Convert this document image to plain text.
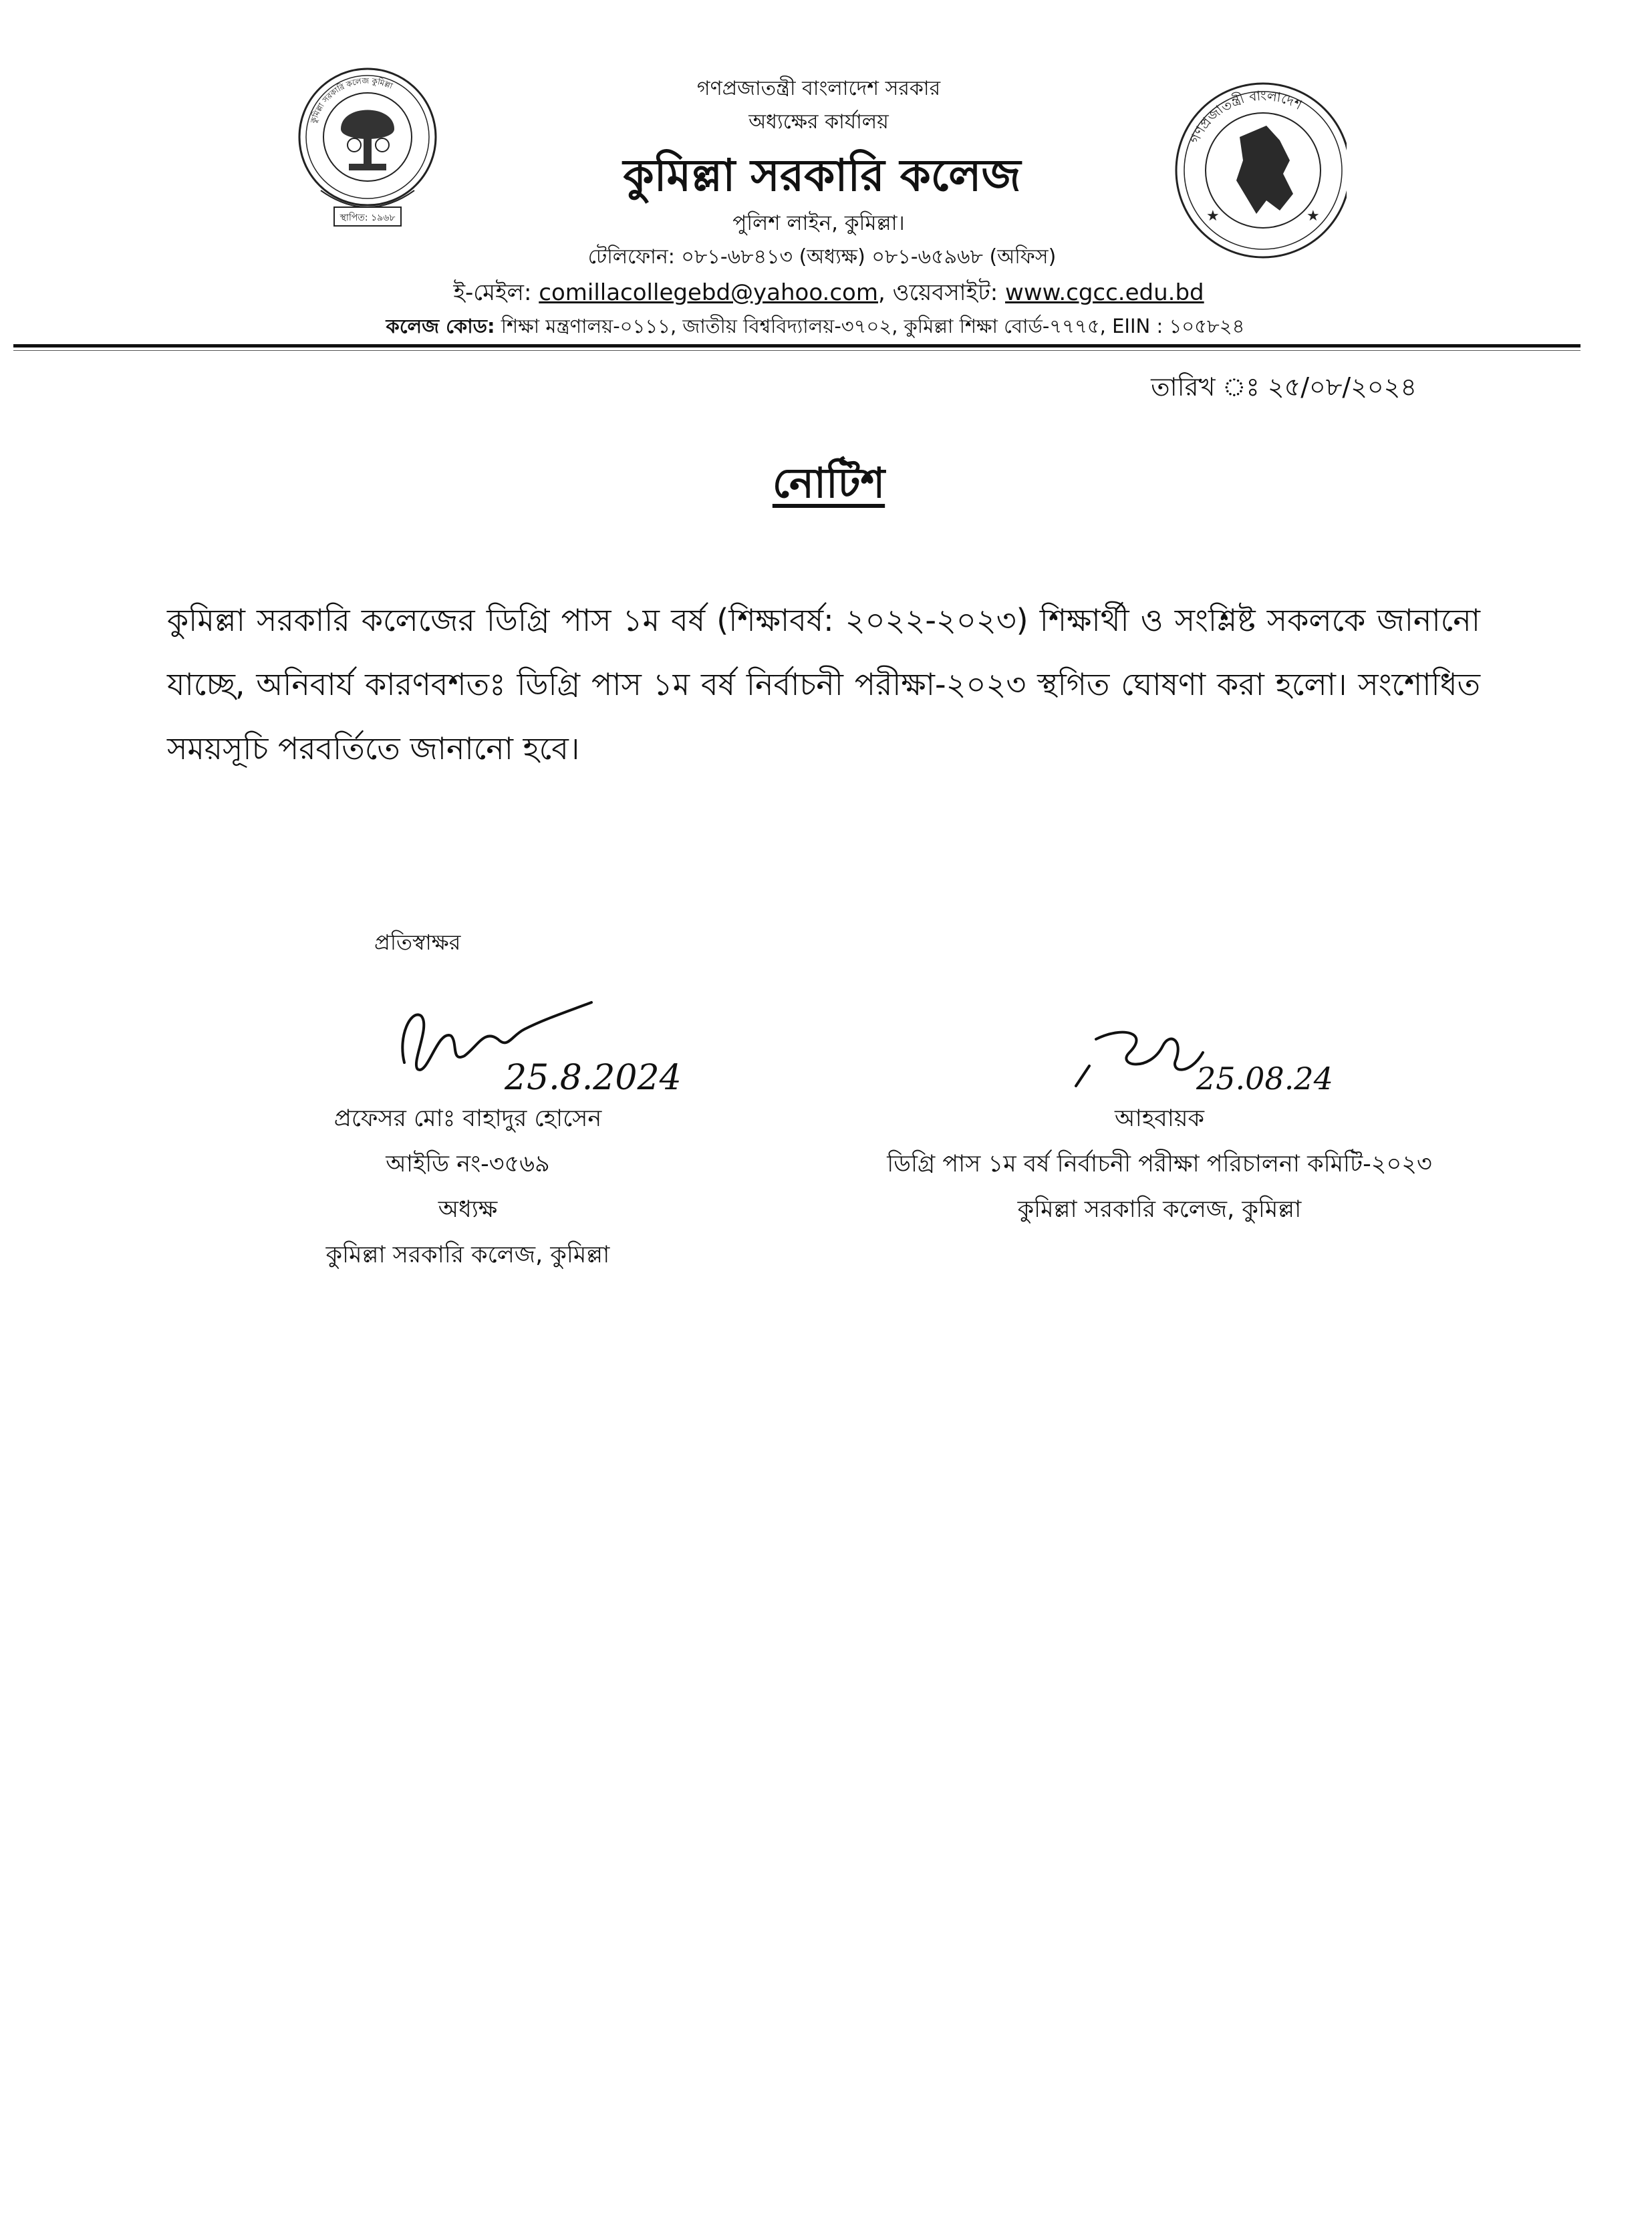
স্থাপিত: ১৯৬৮
কুমিল্লা সরকারি কলেজ কুমিল্লা
★	★
গণপ্রজাতন্ত্রী বাংলাদেশ
গণপ্রজাতন্ত্রী বাংলাদেশ সরকার
অধ্যক্ষের কার্যালয়
কুমিল্লা সরকারি কলেজ
পুলিশ লাইন, কুমিল্লা।
টেলিফোন: ০৮১-৬৮৪১৩ (অধ্যক্ষ) ০৮১-৬৫৯৬৮ (অফিস)
ই-মেইল: comillacollegebd@yahoo.com, ওয়েবসাইট: www.cgcc.edu.bd
কলেজ কোড: শিক্ষা মন্ত্রণালয়-০১১১, জাতীয় বিশ্ববিদ্যালয়-৩৭০২, কুমিল্লা শিক্ষা বোর্ড-৭৭৭৫, EIIN : ১০৫৮২৪
তারিখ ঃ ২৫/০৮/২০২৪
নোটিশ

কুমিল্লা সরকারি কলেজের ডিগ্রি পাস ১ম বর্ষ (শিক্ষাবর্ষ: ২০২২-২০২৩) শিক্ষার্থী ও সংশ্লিষ্ট সকলকে জানানো যাচ্ছে, অনিবার্য কারণবশতঃ ডিগ্রি পাস ১ম বর্ষ নির্বাচনী পরীক্ষা-২০২৩ স্থগিত ঘোষণা করা হলো। সংশোধিত সময়সূচি পরবর্তিতে জানানো হবে।

প্রতিস্বাক্ষর
25.8.2024	25.08.24
প্রফেসর মোঃ বাহাদুর হোসেন
আইডি নং-৩৫৬৯
অধ্যক্ষ
কুমিল্লা সরকারি কলেজ, কুমিল্লা
আহবায়ক
ডিগ্রি পাস ১ম বর্ষ নির্বাচনী পরীক্ষা পরিচালনা কমিটি-২০২৩
কুমিল্লা সরকারি কলেজ, কুমিল্লা
